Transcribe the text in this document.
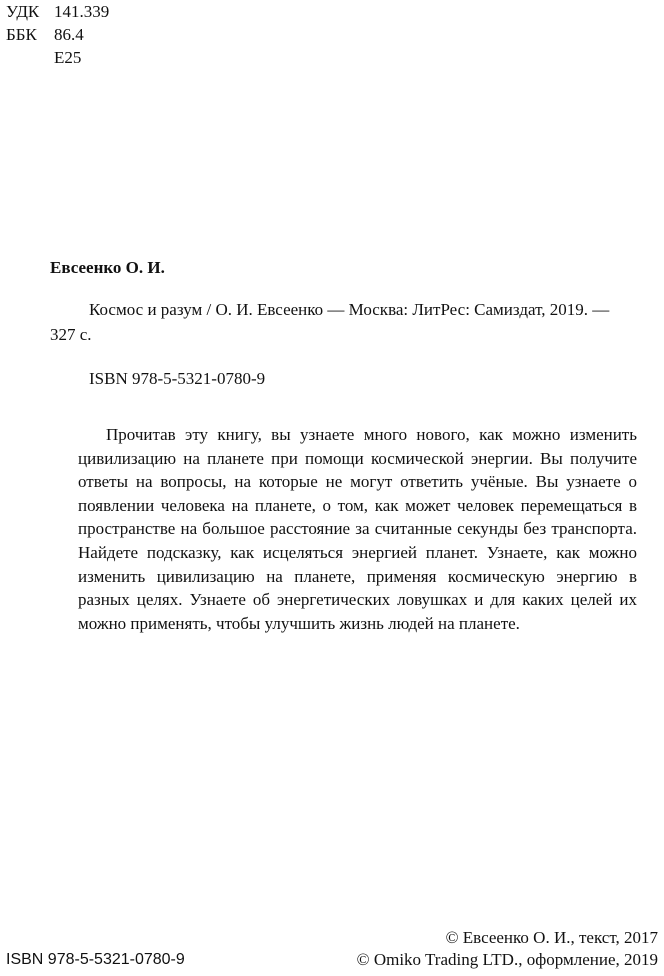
УДК 141.339
ББК	86.4
Е25
Евсеенко О. И.
Космос и разум / О. И. Евсеенко — Москва: ЛитРес: Самиздат, 2019. — 327 с.
ISBN 978-5-5321-0780-9
Прочитав эту книгу, вы узнаете много нового, как можно изменить цивилизацию на планете при помощи космической энергии. Вы получите ответы на вопросы, на которые не могут ответить учёные. Вы узнаете о появлении человека на планете, о том, как может человек перемещаться в пространстве на большое расстояние за считанные секунды без транспорта. Найдете подсказку, как исцеляться энергией планет. Узнаете, как можно изменить цивилизацию на планете, применяя космическую энергию в разных целях. Узнаете об энергетических ловушках и для каких целей их можно применять, чтобы улучшить жизнь людей на планете.
ISBN 978-5-5321-0780-9
© Евсеенко О. И., текст, 2017
© Omiko Trading LTD., оформление, 2019
